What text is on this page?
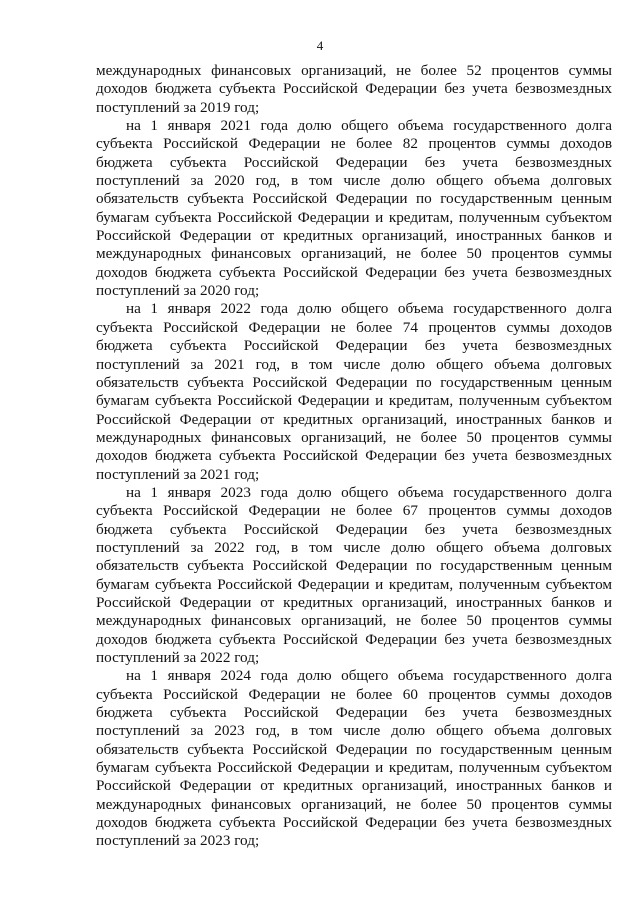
4

международных финансовых организаций, не более 52 процентов суммы доходов бюджета субъекта Российской Федерации без учета безвозмездных поступлений за 2019 год;

на 1 января 2021 года долю общего объема государственного долга субъекта Российской Федерации не более 82 процентов суммы доходов бюджета субъекта Российской Федерации без учета безвозмездных поступлений за 2020 год, в том числе долю общего объема долговых обязательств субъекта Российской Федерации по государственным ценным бумагам субъекта Российской Федерации и кредитам, полученным субъектом Российской Федерации от кредитных организаций, иностранных банков и международных финансовых организаций, не более 50 процентов суммы доходов бюджета субъекта Российской Федерации без учета безвозмездных поступлений за 2020 год;

на 1 января 2022 года долю общего объема государственного долга субъекта Российской Федерации не более 74 процентов суммы доходов бюджета субъекта Российской Федерации без учета безвозмездных поступлений за 2021 год, в том числе долю общего объема долговых обязательств субъекта Российской Федерации по государственным ценным бумагам субъекта Российской Федерации и кредитам, полученным субъектом Российской Федерации от кредитных организаций, иностранных банков и международных финансовых организаций, не более 50 процентов суммы доходов бюджета субъекта Российской Федерации без учета безвозмездных поступлений за 2021 год;

на 1 января 2023 года долю общего объема государственного долга субъекта Российской Федерации не более 67 процентов суммы доходов бюджета субъекта Российской Федерации без учета безвозмездных поступлений за 2022 год, в том числе долю общего объема долговых обязательств субъекта Российской Федерации по государственным ценным бумагам субъекта Российской Федерации и кредитам, полученным субъектом Российской Федерации от кредитных организаций, иностранных банков и международных финансовых организаций, не более 50 процентов суммы доходов бюджета субъекта Российской Федерации без учета безвозмездных поступлений за 2022 год;

на 1 января 2024 года долю общего объема государственного долга субъекта Российской Федерации не более 60 процентов суммы доходов бюджета субъекта Российской Федерации без учета безвозмездных поступлений за 2023 год, в том числе долю общего объема долговых обязательств субъекта Российской Федерации по государственным ценным бумагам субъекта Российской Федерации и кредитам, полученным субъектом Российской Федерации от кредитных организаций, иностранных банков и международных финансовых организаций, не более 50 процентов суммы доходов бюджета субъекта Российской Федерации без учета безвозмездных поступлений за 2023 год;
